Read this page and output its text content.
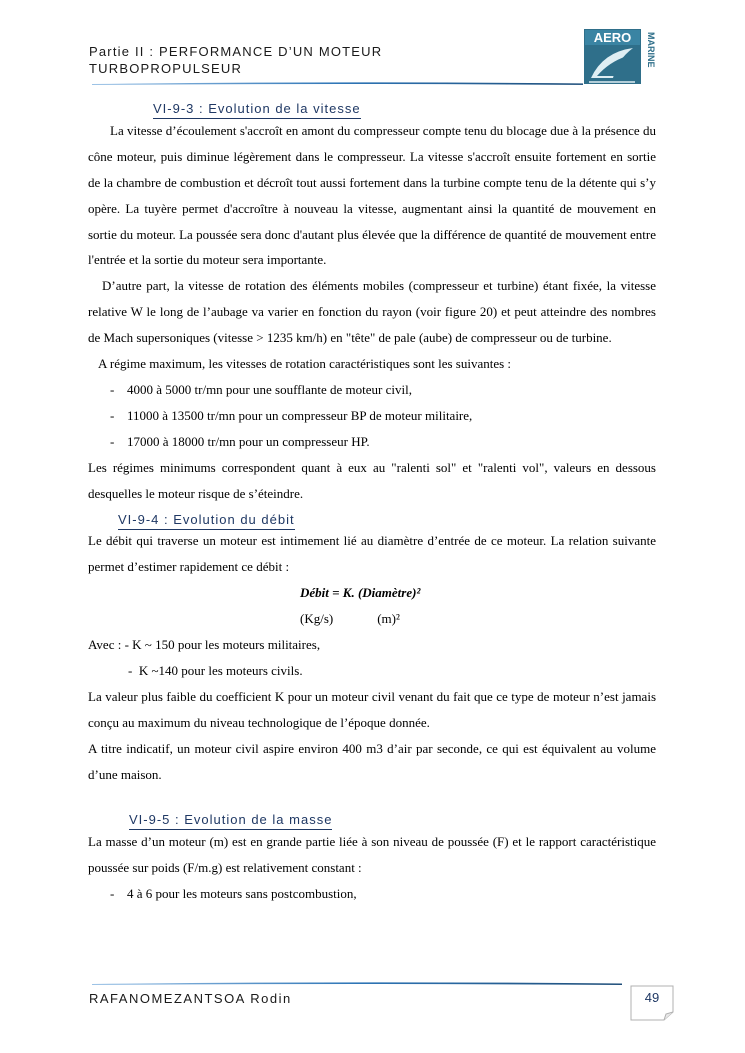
Partie II : PERFORMANCE D’UN MOTEUR
TURBOPROPULSEUR
AERO MARINE
VI-9-3 : Evolution de la vitesse

La vitesse d’écoulement s'accroît en amont du compresseur compte tenu du blocage due à la présence du cône moteur, puis diminue légèrement dans le compresseur. La vitesse s'accroît ensuite fortement en sortie de la chambre de combustion et décroît tout aussi fortement dans la turbine compte tenu de la détente qui s’y opère. La tuyère permet d'accroître à nouveau la vitesse, augmentant ainsi la quantité de mouvement en sortie du moteur. La poussée sera donc d'autant plus élevée que la différence de quantité de mouvement entre l'entrée et la sortie du moteur sera importante.

D’autre part, la vitesse de rotation des éléments mobiles (compresseur et turbine) étant fixée, la vitesse relative W le long de l’aubage va varier en fonction du rayon (voir figure 20) et peut atteindre des nombres de Mach supersoniques (vitesse > 1235 km/h) en "tête" de pale (aube) de compresseur ou de turbine.

A régime maximum, les vitesses de rotation caractéristiques sont les suivantes :

- 4000 à 5000 tr/mn pour une soufflante de moteur civil,
- 11000 à 13500 tr/mn pour un compresseur BP de moteur militaire,
- 17000 à 18000 tr/mn pour un compresseur HP.

Les régimes minimums correspondent quant à eux au "ralenti sol" et "ralenti vol", valeurs en dessous desquelles le moteur risque de s’éteindre.

VI-9-4 : Evolution du débit

Le débit qui traverse un moteur est intimement lié au diamètre d’entrée de ce moteur. La relation suivante permet d’estimer rapidement ce débit :

Débit = K. (Diamètre)²

(Kg/s)	(m)²

Avec : - K ~ 150 pour les moteurs militaires,

-  K ~140 pour les moteurs civils.

La valeur plus faible du coefficient K pour un moteur civil venant du fait que ce type de moteur n’est jamais conçu au maximum du niveau technologique de l’époque donnée.

A titre indicatif, un moteur civil aspire environ 400 m3 d’air par seconde, ce qui est équivalent au volume d’une maison.

VI-9-5 : Evolution de la masse

La masse d’un moteur (m) est en grande partie liée à son niveau de poussée (F) et le rapport caractéristique poussée sur poids (F/m.g) est relativement constant :

- 4 à 6 pour les moteurs sans postcombustion,
RAFANOMEZANTSOA Rodin	49
